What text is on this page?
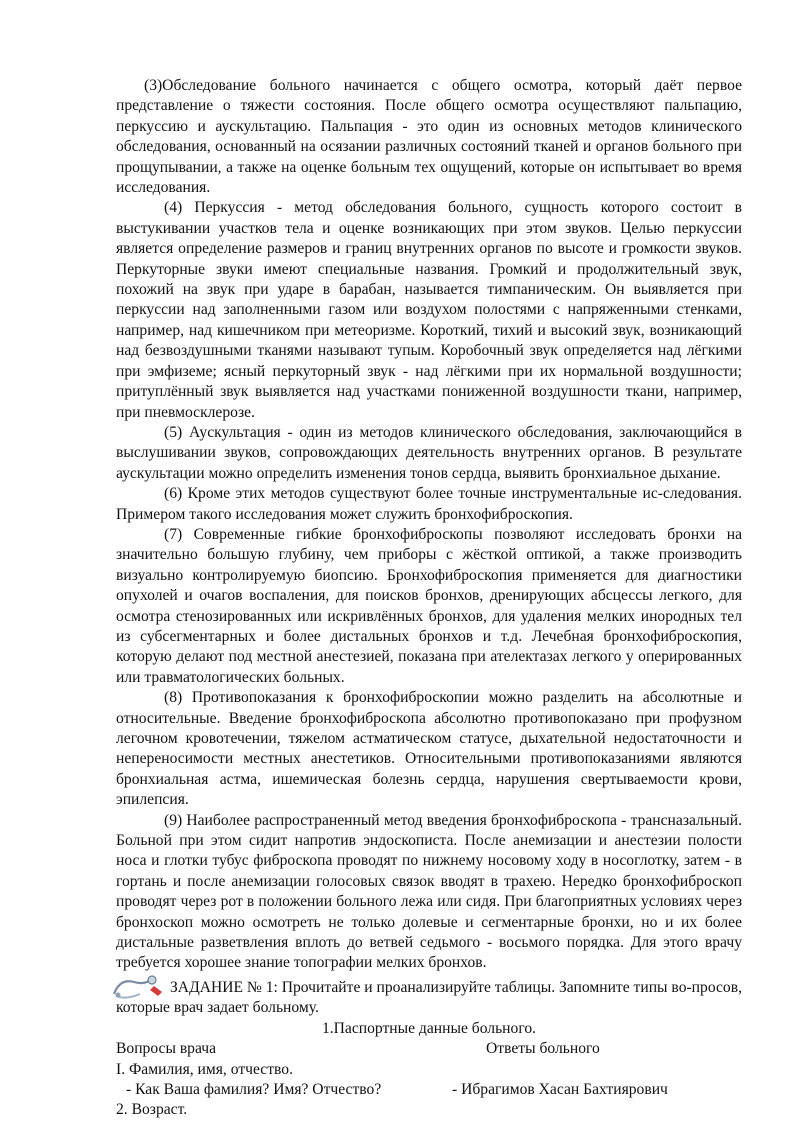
(3)Обследование больного начинается с общего осмотра, который даёт первое представление о тяжести состояния. После общего осмотра осуществляют пальпацию, перкуссию и аускультацию. Пальпация - это один из основных методов клинического обследования, основанный на осязании различных состояний тканей и органов больного при прощупывании, а также на оценке больным тех ощущений, которые он испытывает во время исследования.

(4) Перкуссия - метод обследования больного, сущность которого состоит в выстукивании участков тела и оценке возникающих при этом звуков. Целью перкуссии является определение размеров и границ внутренних органов по высоте и громкости звуков. Перкуторные звуки имеют специальные названия. Громкий и продолжительный звук, похожий на звук при ударе в барабан, называется тимпаническим. Он выявляется при перкуссии над заполненными газом или воздухом полостями с напряженными стенками, например, над кишечником при метеоризме. Короткий, тихий и высокий звук, возникающий над безвоздушными тканями называют тупым. Коробочный звук определяется над лёгкими при эмфиземе; ясный перкуторный звук - над лёгкими при их нормальной воздушности; притуплённый звук выявляется над участками пониженной воздушности ткани, например, при пневмосклерозе.

(5) Аускультация - один из методов клинического обследования, заключающийся в выслушивании звуков, сопровождающих деятельность внутренних органов. В результате аускультации можно определить изменения тонов сердца, выявить бронхиальное дыхание.

(6) Кроме этих методов существуют более точные инструментальные ис-следования. Примером такого исследования может служить бронхофиброскопия.

(7) Современные гибкие бронхофиброскопы позволяют исследовать бронхи на значительно большую глубину, чем приборы с жёсткой оптикой, а также производить визуально контролируемую биопсию. Бронхофиброскопия применяется для диагностики опухолей и очагов воспаления, для поисков бронхов, дренирующих абсцессы легкого, для осмотра стенозированных или искривлённых бронхов, для удаления мелких инородных тел из субсегментарных и более дистальных бронхов и т.д. Лечебная бронхофиброскопия, которую делают под местной анестезией, показана при ателектазах легкого у оперированных или травматологических больных.

(8) Противопоказания к бронхофиброскопии можно разделить на абсолютные и относительные. Введение бронхофиброскопа абсолютно противопоказано при профузном легочном кровотечении, тяжелом астматическом статусе, дыхательной недостаточности и непереносимости местных анестетиков. Относительными противопоказаниями являются бронхиальная астма, ишемическая болезнь сердца, нарушения свертываемости крови, эпилепсия.

(9) Наиболее распространенный метод введения бронхофиброскопа - трансназальный. Больной при этом сидит напротив эндоскописта. После анемизации и анестезии полости носа и глотки тубус фиброскопа проводят по нижнему носовому ходу в носоглотку, затем - в гортань и после анемизации голосовых связок вводят в трахею. Нередко бронхофиброскоп проводят через рот в положении больного лежа или сидя. При благоприятных условиях через бронхоскоп можно осмотреть не только долевые и сегментарные бронхи, но и их более дистальные разветвления вплоть до ветвей седьмого - восьмого порядка. Для этого врачу требуется хорошее знание топографии мелких бронхов.

ЗАДАНИЕ № 1: Прочитайте и проанализируйте таблицы. Запомните типы во-просов, которые врач задает больному.

1.Паспортные данные больного.

Вопросы врача	Ответы больного
I. Фамилия, имя, отчество.
- Как Ваша фамилия? Имя? Отчество?	- Ибрагимов Хасан Бахтиярович
2. Возраст.
